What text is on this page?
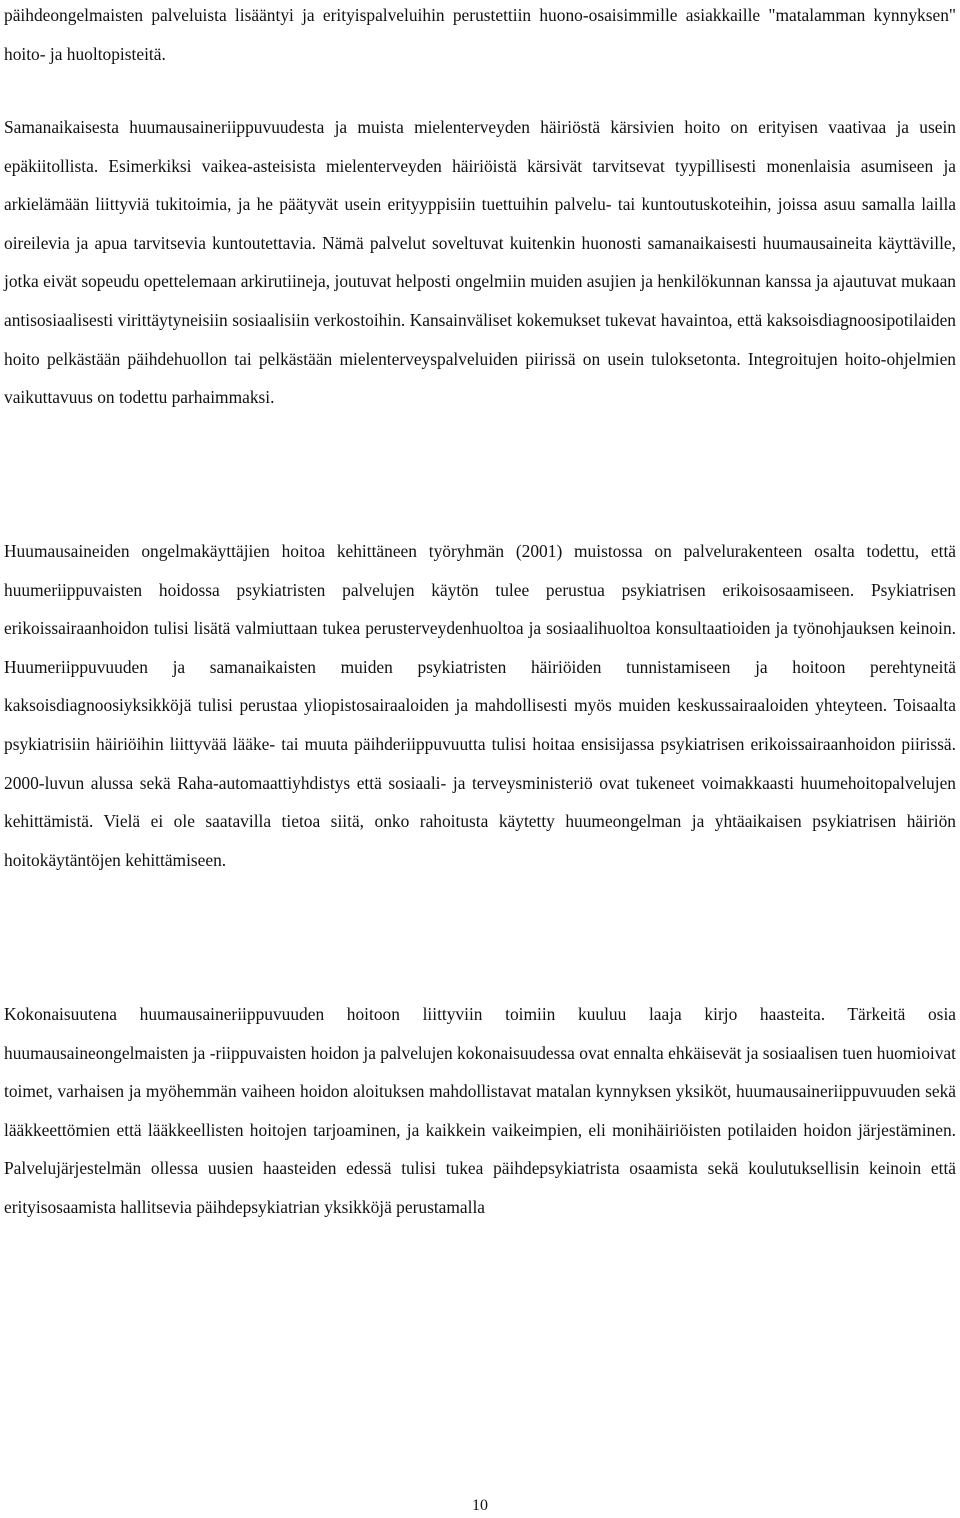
päihdeongelmaisten palveluista lisääntyi ja erityispalveluihin perustettiin huono-osaisimmille asiakkaille "matalamman kynnyksen" hoito- ja huoltopisteitä.

Samanaikaisesta huumausaineriippuvuudesta ja muista mielenterveyden häiriöstä kärsivien hoito on erityisen vaativaa ja usein epäkiitollista. Esimerkiksi vaikea-asteisista mielenterveyden häiriöistä kärsivät tarvitsevat tyypillisesti monenlaisia asumiseen ja arkielämään liittyviä tukitoimia, ja he päätyvät usein erityyppisiin tuettuihin palvelu- tai kuntoutuskoteihin, joissa asuu samalla lailla oireilevia ja apua tarvitsevia kuntoutettavia. Nämä palvelut soveltuvat kuitenkin huonosti samanaikaisesti huumausaineita käyttäville, jotka eivät sopeudu opettelemaan arkirutiineja, joutuvat helposti ongelmiin muiden asujien ja henkilökunnan kanssa ja ajautuvat mukaan antisosiaalisesti virittäytyneisiin sosiaalisiin verkostoihin. Kansainväliset kokemukset tukevat havaintoa, että kaksoisdiagnoosipotilaiden hoito pelkästään päihdehuollon tai pelkästään mielenterveyspalveluiden piirissä on usein tuloksetonta. Integroitujen hoito-ohjelmien vaikuttavuus on todettu parhaimmaksi.

Huumausaineiden ongelmakäyttäjien hoitoa kehittäneen työryhmän (2001) muistossa on palvelurakenteen osalta todettu, että huumeriippuvaisten hoidossa psykiatristen palvelujen käytön tulee perustua psykiatrisen erikoisosaamiseen. Psykiatrisen erikoissairaanhoidon tulisi lisätä valmiuttaan tukea perusterveydenhuoltoa ja sosiaalihuoltoa konsultaatioiden ja työnohjauksen keinoin. Huumeriippuvuuden ja samanaikaisten muiden psykiatristen häiriöiden tunnistamiseen ja hoitoon perehtyneitä kaksoisdiagnoosiyksikköjä tulisi perustaa yliopistosairaaloiden ja mahdollisesti myös muiden keskussairaaloiden yhteyteen. Toisaalta psykiatrisiin häiriöihin liittyvää lääke- tai muuta päihderiippuvuutta tulisi hoitaa ensisijassa psykiatrisen erikoissairaanhoidon piirissä. 2000-luvun alussa sekä Raha-automaattiyhdistys että sosiaali- ja terveysministeriö ovat tukeneet voimakkaasti huumehoitopalvelujen kehittämistä. Vielä ei ole saatavilla tietoa siitä, onko rahoitusta käytetty huumeongelman ja yhtäaikaisen psykiatrisen häiriön hoitokäytäntöjen kehittämiseen.

Kokonaisuutena huumausaineriippuvuuden hoitoon liittyviin toimiin kuuluu laaja kirjo haasteita. Tärkeitä osia huumausaineongelmaisten ja -riippuvaisten hoidon ja palvelujen kokonaisuudessa ovat ennalta ehkäisevät ja sosiaalisen tuen huomioivat toimet, varhaisen ja myöhemmän vaiheen hoidon aloituksen mahdollistavat matalan kynnyksen yksiköt, huumausaineriippuvuuden sekä lääkkeettömien että lääkkeellisten hoitojen tarjoaminen, ja kaikkein vaikeimpien, eli monihäiriöisten potilaiden hoidon järjestäminen. Palvelujärjestelmän ollessa uusien haasteiden edessä tulisi tukea päihdepsykiatrista osaamista sekä koulutuksellisin keinoin että erityisosaamista hallitsevia päihdepsykiatrian yksikköjä perustamalla

10
